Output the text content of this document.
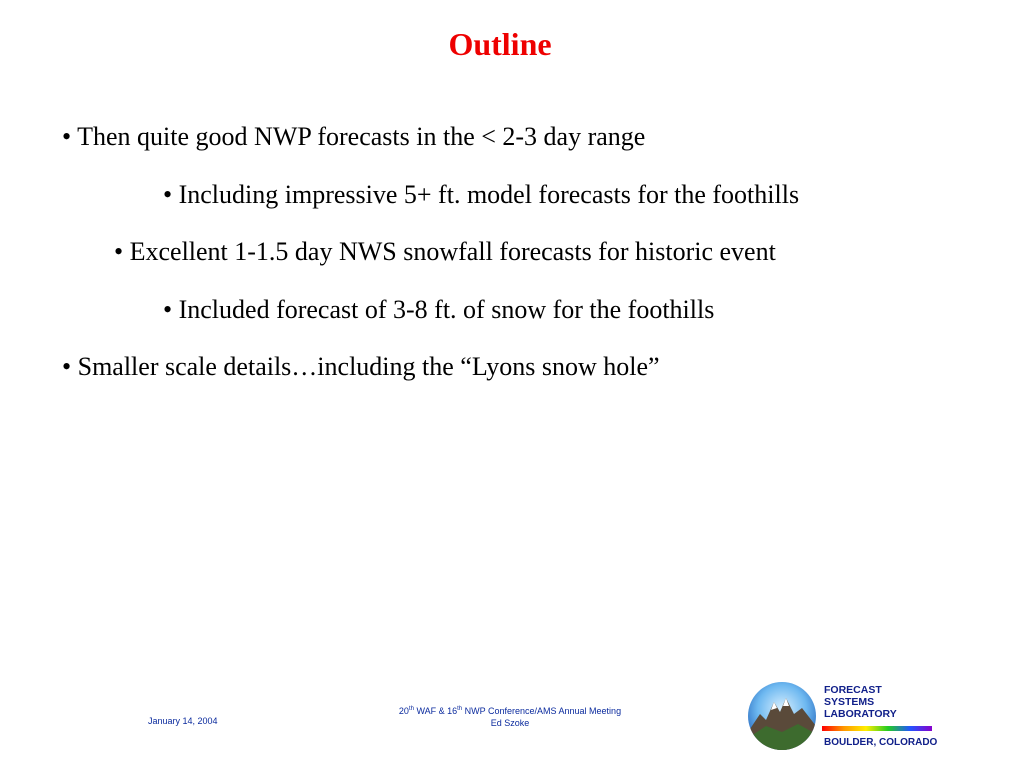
Outline
• Then quite good NWP forecasts in the < 2-3 day range
• Including impressive 5+ ft. model forecasts for the foothills
• Excellent 1-1.5 day NWS snowfall forecasts for historic event
• Included forecast of 3-8 ft. of snow for the foothills
• Smaller scale details…including the “Lyons snow hole”
January 14, 2004
20th WAF & 16th NWP Conference/AMS Annual Meeting
Ed Szoke
FORECAST
SYSTEMS
LABORATORY
BOULDER, COLORADO
